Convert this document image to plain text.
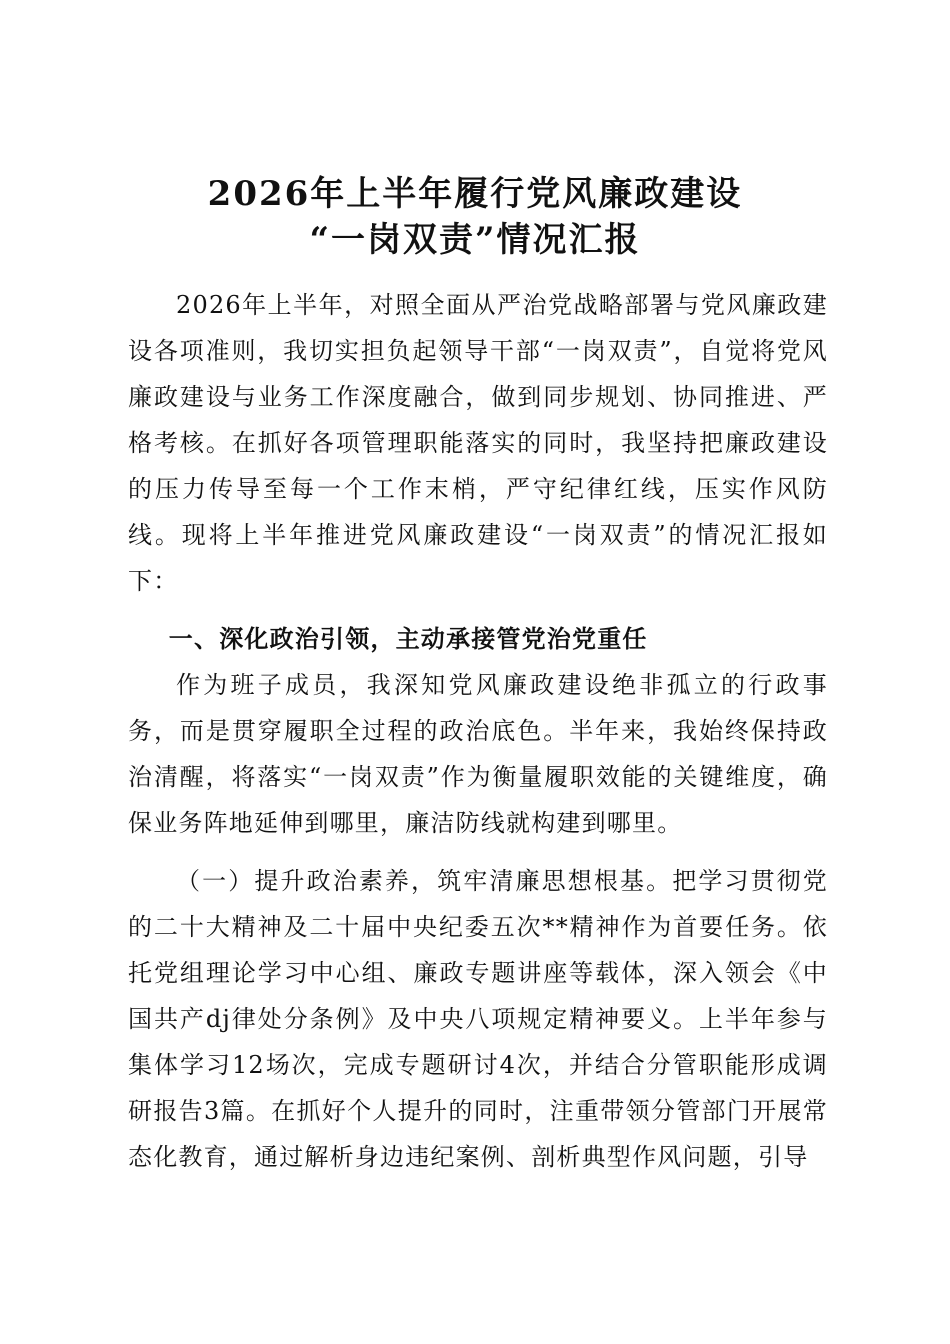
2026年上半年履行党风廉政建设
“一岗双责”情况汇报

2026年上半年，对照全面从严治党战略部署与党风廉政建设各项准则，我切实担负起领导干部“一岗双责”，自觉将党风廉政建设与业务工作深度融合，做到同步规划、协同推进、严格考核。在抓好各项管理职能落实的同时，我坚持把廉政建设的压力传导至每一个工作末梢，严守纪律红线，压实作风防线。现将上半年推进党风廉政建设“一岗双责”的情况汇报如下：

一、深化政治引领，主动承接管党治党重任

作为班子成员，我深知党风廉政建设绝非孤立的行政事务，而是贯穿履职全过程的政治底色。半年来，我始终保持政治清醒，将落实“一岗双责”作为衡量履职效能的关键维度，确保业务阵地延伸到哪里，廉洁防线就构建到哪里。

（一）提升政治素养，筑牢清廉思想根基。把学习贯彻党的二十大精神及二十届中央纪委五次**精神作为首要任务。依托党组理论学习中心组、廉政专题讲座等载体，深入领会《中国共产dj律处分条例》及中央八项规定精神要义。上半年参与集体学习12场次，完成专题研讨4次，并结合分管职能形成调研报告3篇。在抓好个人提升的同时，注重带领分管部门开展常态化教育，通过解析身边违纪案例、剖析典型作风问题，引导
